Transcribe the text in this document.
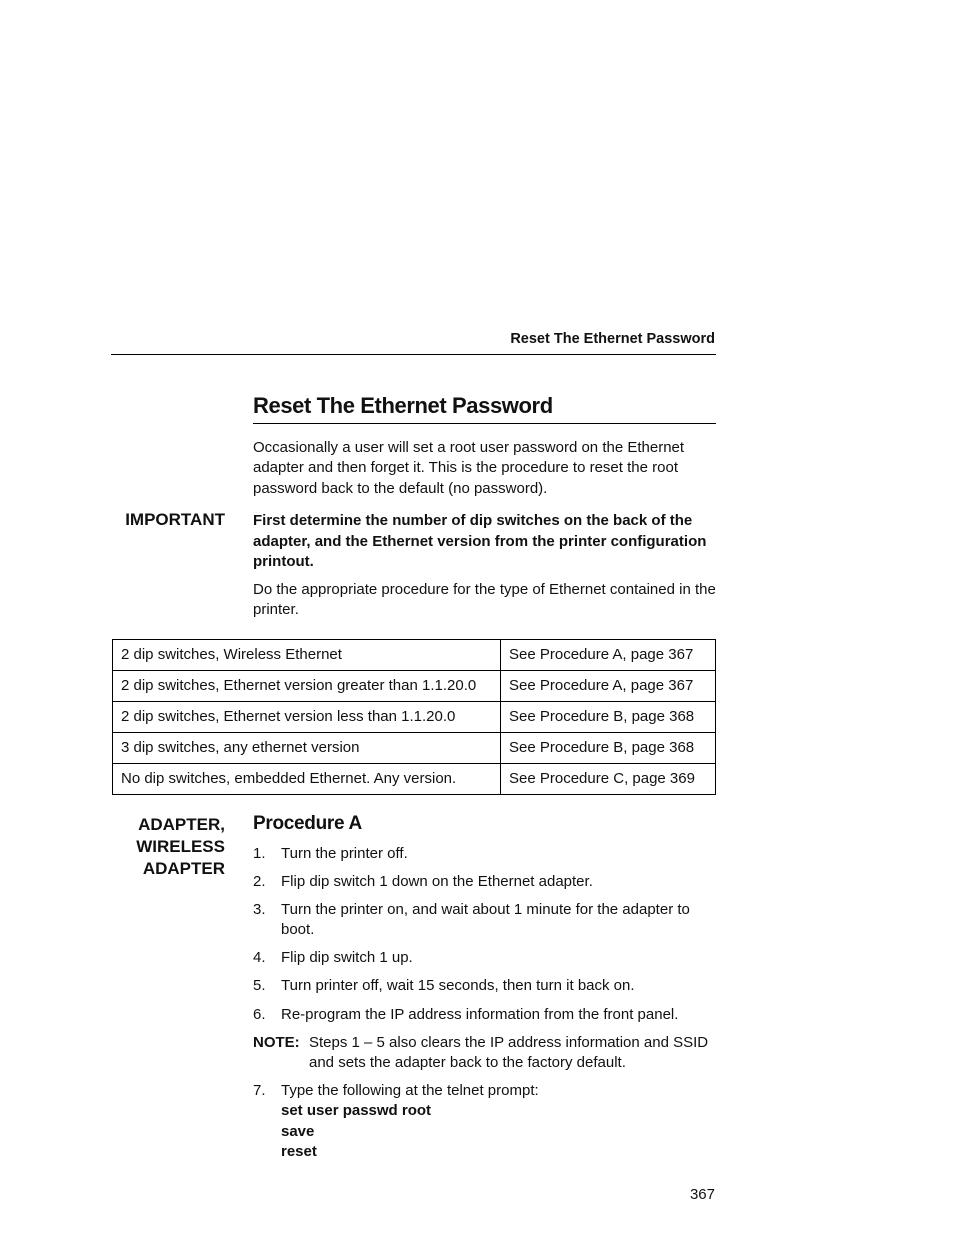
Reset The Ethernet Password
Reset The Ethernet Password

Occasionally a user will set a root user password on the Ethernet adapter and then forget it. This is the procedure to reset the root password back to the default (no password).

IMPORTANT First determine the number of dip switches on the back of the adapter, and the Ethernet version from the printer configuration printout.

Do the appropriate procedure for the type of Ethernet contained in the printer.

2 dip switches, Wireless Ethernet	See Procedure A, page 367
2 dip switches, Ethernet version greater than 1.1.20.0	See Procedure A, page 367
2 dip switches, Ethernet version less than 1.1.20.0	See Procedure B, page 368
3 dip switches, any ethernet version	See Procedure B, page 368
No dip switches, embedded Ethernet. Any version.	See Procedure C, page 369
ADAPTER,
WIRELESS
ADAPTER
Procedure A
1.	Turn the printer off.
2.	Flip dip switch 1 down on the Ethernet adapter.
3.	Turn the printer on, and wait about 1 minute for the adapter to boot.
4.	Flip dip switch 1 up.
5.	Turn printer off, wait 15 seconds, then turn it back on.
6.	Re-program the IP address information from the front panel.
NOTE: Steps 1 – 5 also clears the IP address information and SSID and sets the adapter back to the factory default.
7.	Type the following at the telnet prompt:
set user passwd root
save
reset
367
